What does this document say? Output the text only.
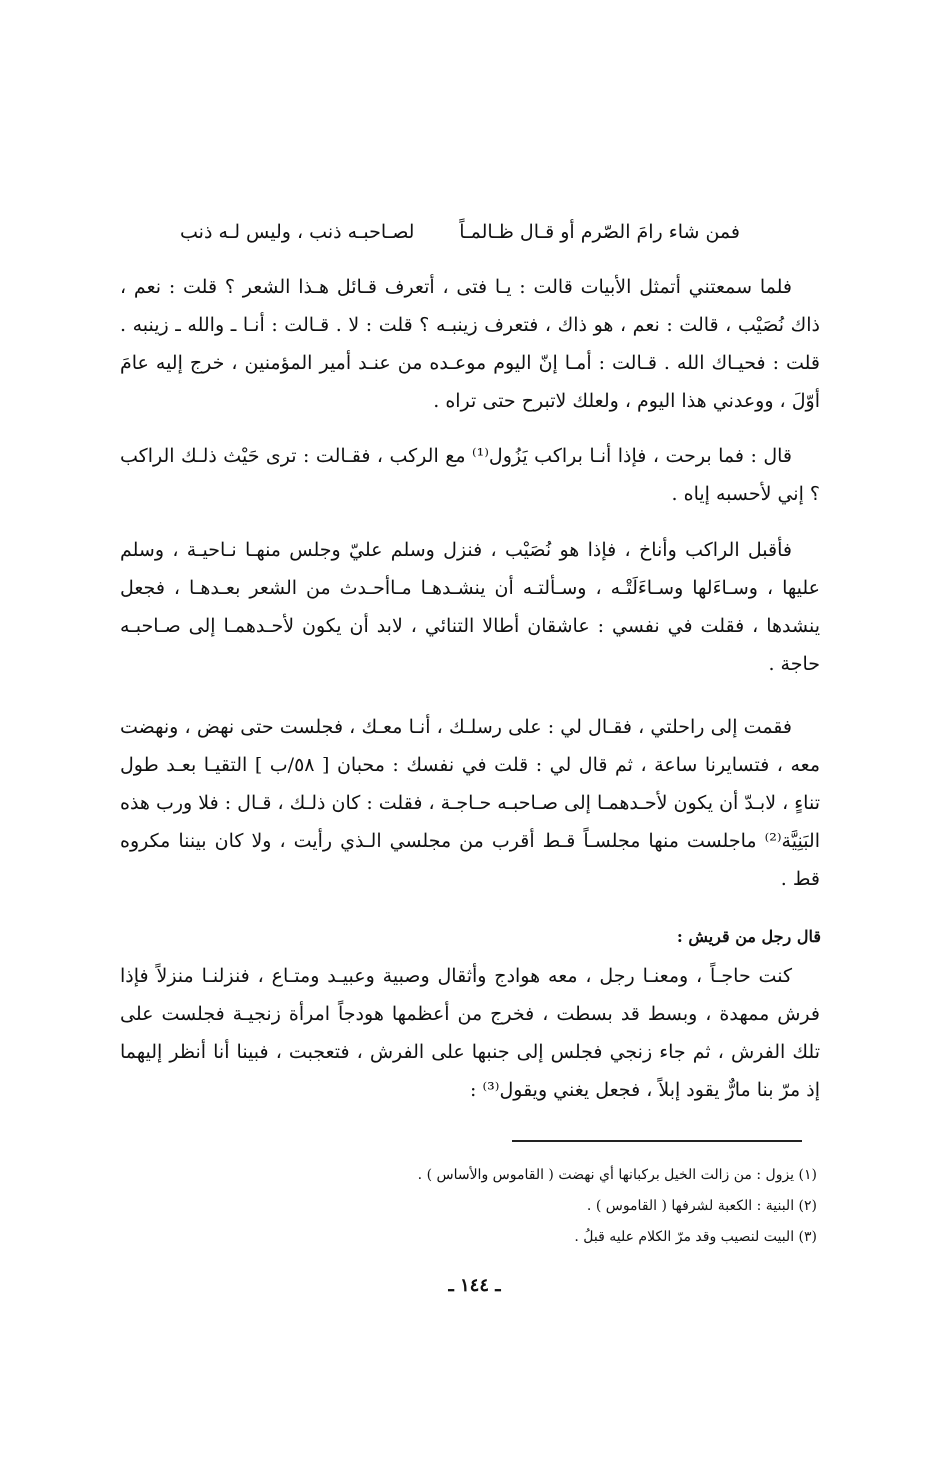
فمن شاء رامَ الصّرم أو قـال ظـالمـاً
لصـاحبـه ذنب ، وليس لـه ذنب

فلما سمعتني أتمثل الأبيات قالت : يـا فتى ، أتعرف قـائل هـذا الشعر ؟ قلت : نعم ، ذاك نُصَيْب ، قالت : نعم ، هو ذاك ، فتعرف زينبـه ؟ قلت : لا . قـالت : أنـا ـ والله ـ زينبه . قلت : فحيـاك الله . قـالت : أمـا إنّ اليوم موعـده من عنـد أمير المؤمنين ، خرج إليه عامَ أوّلَ ، ووعدني هذا اليوم ، ولعلك لاتبرح حتى تراه .

قال : فما برحت ، فإذا أنـا براكب يَزُول⁽¹⁾ مع الركب ، فقـالت : ترى حَيْث ذلـك الراكب ؟ إني لأحسبه إياه .

فأقبل الراكب وأناخ ، فإذا هو نُصَيْب ، فنزل وسلم عليّ وجلس منهـا نـاحيـة ، وسلم عليها ، وسـاءَلها وسـاءَلَتْـه ، وسـألتـه أن ينشـدهـا مـاأحـدث من الشعر بعـدهـا ، فجعل ينشدها ، فقلت في نفسي : عاشقان أطالا التنائي ، لابد أن يكون لأحـدهمـا إلى صـاحبـه حاجة .

فقمت إلى راحلتي ، فقـال لي : على رسلـك ، أنـا معـك ، فجلست حتى نهض ، ونهضت معه ، فتسايرنا ساعة ، ثم قال لي : قلت في نفسك : محبان [ ٥٨/ب ] التقيـا بعـد طول تناءٍ ، لابـدّ أن يكون لأحـدهمـا إلى صـاحبـه حـاجـة ، فقلت : كان ذلـك ، قـال : فلا ورب هذه البَنِيَّة⁽²⁾ ماجلست منها مجلسـاً قـط أقرب من مجلسي الـذي رأيت ، ولا كان بيننا مكروه قط .

قال رجل من قريش :

كنت حاجـاً ، ومعنـا رجل ، معه هوادج وأثقال وصبية وعبيـد ومتـاع ، فنزلنـا منزلاً فإذا فرش ممهدة ، وبسط قد بسطت ، فخرج من أعظمها هودجاً امرأة زنجيـة فجلست على تلك الفرش ، ثم جاء زنجي فجلس إلى جنبها على الفرش ، فتعجبت ، فبينا أنا أنظر إليهما إذ مرّ بنا مارٌّ يقود إبلاً ، فجعل يغني ويقول⁽³⁾ :

(١) يزول : من زالت الخيل بركبانها أي نهضت ( القاموس والأساس ) .

(٢) البنية : الكعبة لشرفها ( القاموس ) .

(٣) البيت لنصيب وقد مرّ الكلام عليه قبلُ .

ـ ١٤٤ ـ
